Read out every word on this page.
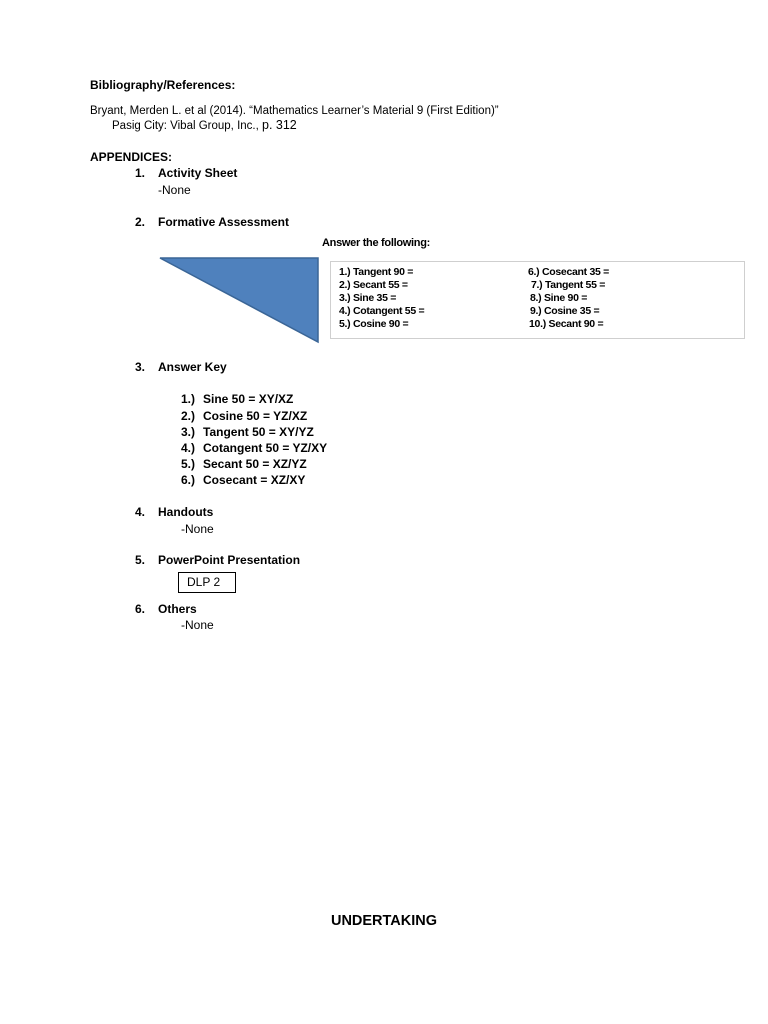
Bibliography/References:
Bryant, Merden L. et al (2014). “Mathematics Learner’s Material 9 (First Edition)”
Pasig City: Vibal Group, Inc., p. 312
APPENDICES:
1. Activity Sheet
-None
2. Formative Assessment
Answer the following:
1.) Tangent 90 =
2.) Secant 55 =
3.) Sine 35 =
4.) Cotangent 55 =
5.) Cosine 90 =
6.) Cosecant 35 =
7.) Tangent 55 =
8.) Sine 90 =
9.) Cosine 35 =
10.) Secant 90 =
3. Answer Key
1.) Sine 50 = XY/XZ
2.) Cosine 50 = YZ/XZ
3.) Tangent 50 = XY/YZ
4.) Cotangent 50 = YZ/XY
5.) Secant 50 = XZ/YZ
6.) Cosecant = XZ/XY
4. Handouts
-None
5. PowerPoint Presentation
DLP 2
6. Others
-None
UNDERTAKING
